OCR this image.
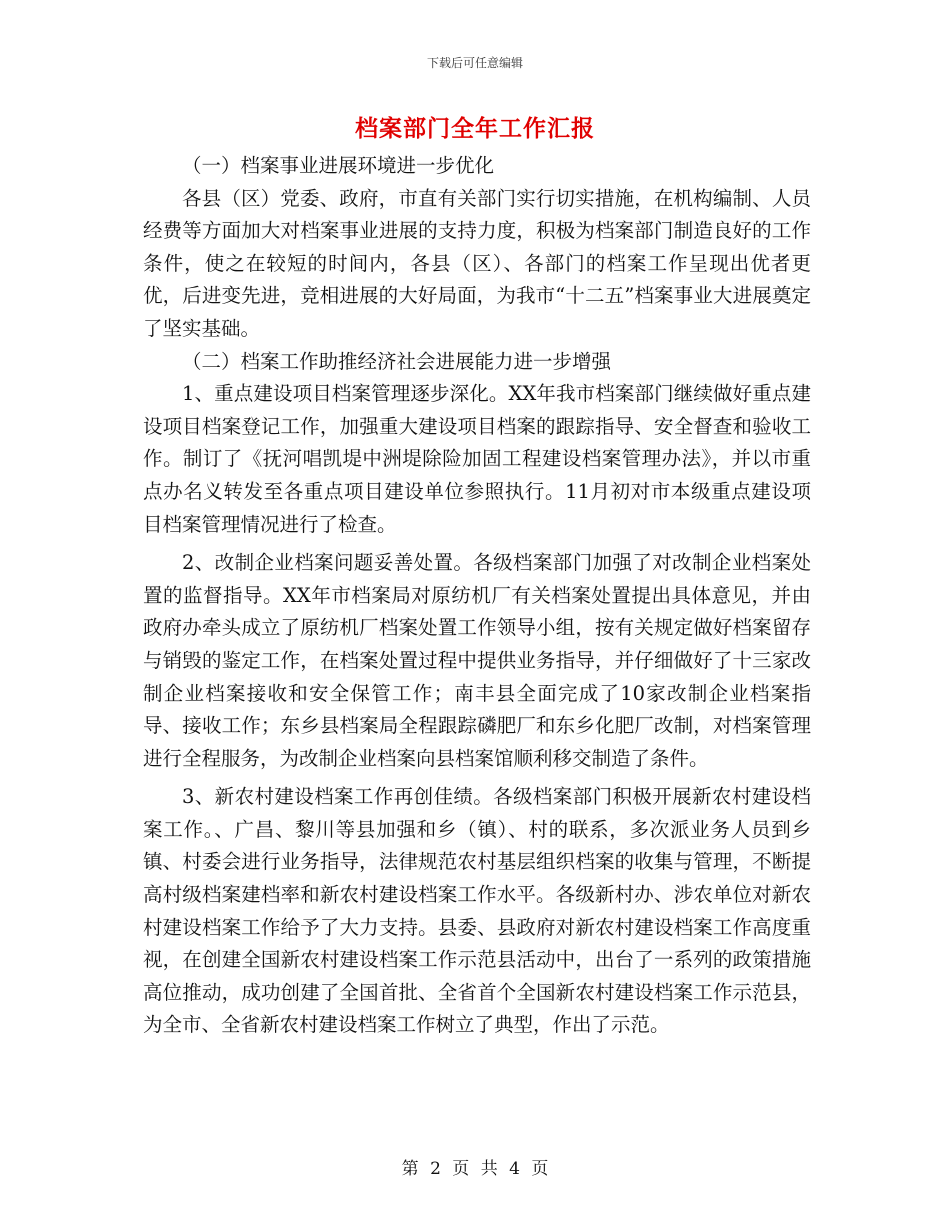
下载后可任意编辑
档案部门全年工作汇报

（一）档案事业进展环境进一步优化

各县（区）党委、政府，市直有关部门实行切实措施，在机构编制、人员经费等方面加大对档案事业进展的支持力度，积极为档案部门制造良好的工作条件，使之在较短的时间内，各县（区）、各部门的档案工作呈现出优者更优，后进变先进，竞相进展的大好局面，为我市“十二五”档案事业大进展奠定了坚实基础。

（二）档案工作助推经济社会进展能力进一步增强

1、重点建设项目档案管理逐步深化。XX年我市档案部门继续做好重点建设项目档案登记工作，加强重大建设项目档案的跟踪指导、安全督查和验收工作。制订了《抚河唱凯堤中洲堤除险加固工程建设档案管理办法》，并以市重点办名义转发至各重点项目建设单位参照执行。11月初对市本级重点建设项目档案管理情况进行了检查。

2、改制企业档案问题妥善处置。各级档案部门加强了对改制企业档案处置的监督指导。XX年市档案局对原纺机厂有关档案处置提出具体意见，并由政府办牵头成立了原纺机厂档案处置工作领导小组，按有关规定做好档案留存与销毁的鉴定工作，在档案处置过程中提供业务指导，并仔细做好了十三家改制企业档案接收和安全保管工作；南丰县全面完成了10家改制企业档案指导、接收工作；东乡县档案局全程跟踪磷肥厂和东乡化肥厂改制，对档案管理进行全程服务，为改制企业档案向县档案馆顺利移交制造了条件。

3、新农村建设档案工作再创佳绩。各级档案部门积极开展新农村建设档案工作。、广昌、黎川等县加强和乡（镇）、村的联系，多次派业务人员到乡镇、村委会进行业务指导，法律规范农村基层组织档案的收集与管理，不断提高村级档案建档率和新农村建设档案工作水平。各级新村办、涉农单位对新农村建设档案工作给予了大力支持。县委、县政府对新农村建设档案工作高度重视，在创建全国新农村建设档案工作示范县活动中，出台了一系列的政策措施高位推动，成功创建了全国首批、全省首个全国新农村建设档案工作示范县，为全市、全省新农村建设档案工作树立了典型，作出了示范。

第 2 页 共 4 页
